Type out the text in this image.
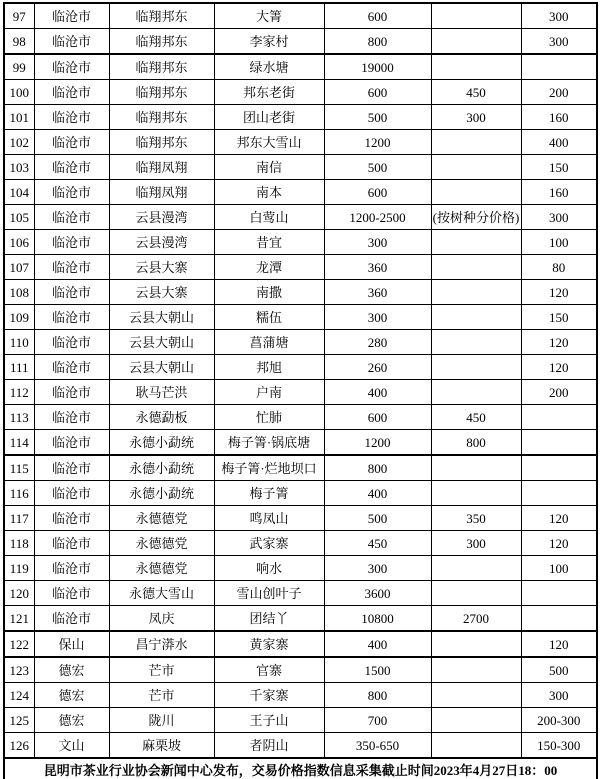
97	临沧市	临翔邦东	大箐	600		300
98	临沧市	临翔邦东	李家村	800		300
99	临沧市	临翔邦东	绿水塘	19000		
100	临沧市	临翔邦东	邦东老街	600	450	200
101	临沧市	临翔邦东	团山老街	500	300	160
102	临沧市	临翔邦东	邦东大雪山	1200		400
103	临沧市	临翔凤翔	南信	500		150
104	临沧市	临翔凤翔	南本	600		160
105	临沧市	云县漫湾	白莺山	1200-2500	(按树种分价格)	300
106	临沧市	云县漫湾	昔宜	300		100
107	临沧市	云县大寨	龙潭	360		80
108	临沧市	云县大寨	南撒	360		120
109	临沧市	云县大朝山	糯伍	300		150
110	临沧市	云县大朝山	菖蒲塘	280		120
111	临沧市	云县大朝山	邦旭	260		120
112	临沧市	耿马芒洪	户南	400		200
113	临沧市	永德勐板	忙肺	600	450	
114	临沧市	永德小勐统	梅子箐·锅底塘	1200	800	
115	临沧市	永德小勐统	梅子箐·烂地坝口	800		
116	临沧市	永德小勐统	梅子箐	400		
117	临沧市	永德德党	鸣凤山	500	350	120
118	临沧市	永德德党	武家寨	450	300	120
119	临沧市	永德德党	响水	300		100
120	临沧市	永德大雪山	雪山创叶子	3600		
121	临沧市	凤庆	团结丫	10800	2700	
122	保山	昌宁漭水	黄家寨	400		120
123	德宏	芒市	官寨	1500		500
124	德宏	芒市	千家寨	800		300
125	德宏	陇川	王子山	700		200-300
126	文山	麻栗坡	者阴山	350-650		150-300
昆明市茶业行业协会新闻中心发布，交易价格指数信息采集截止时间2023年4月27日18：00						
